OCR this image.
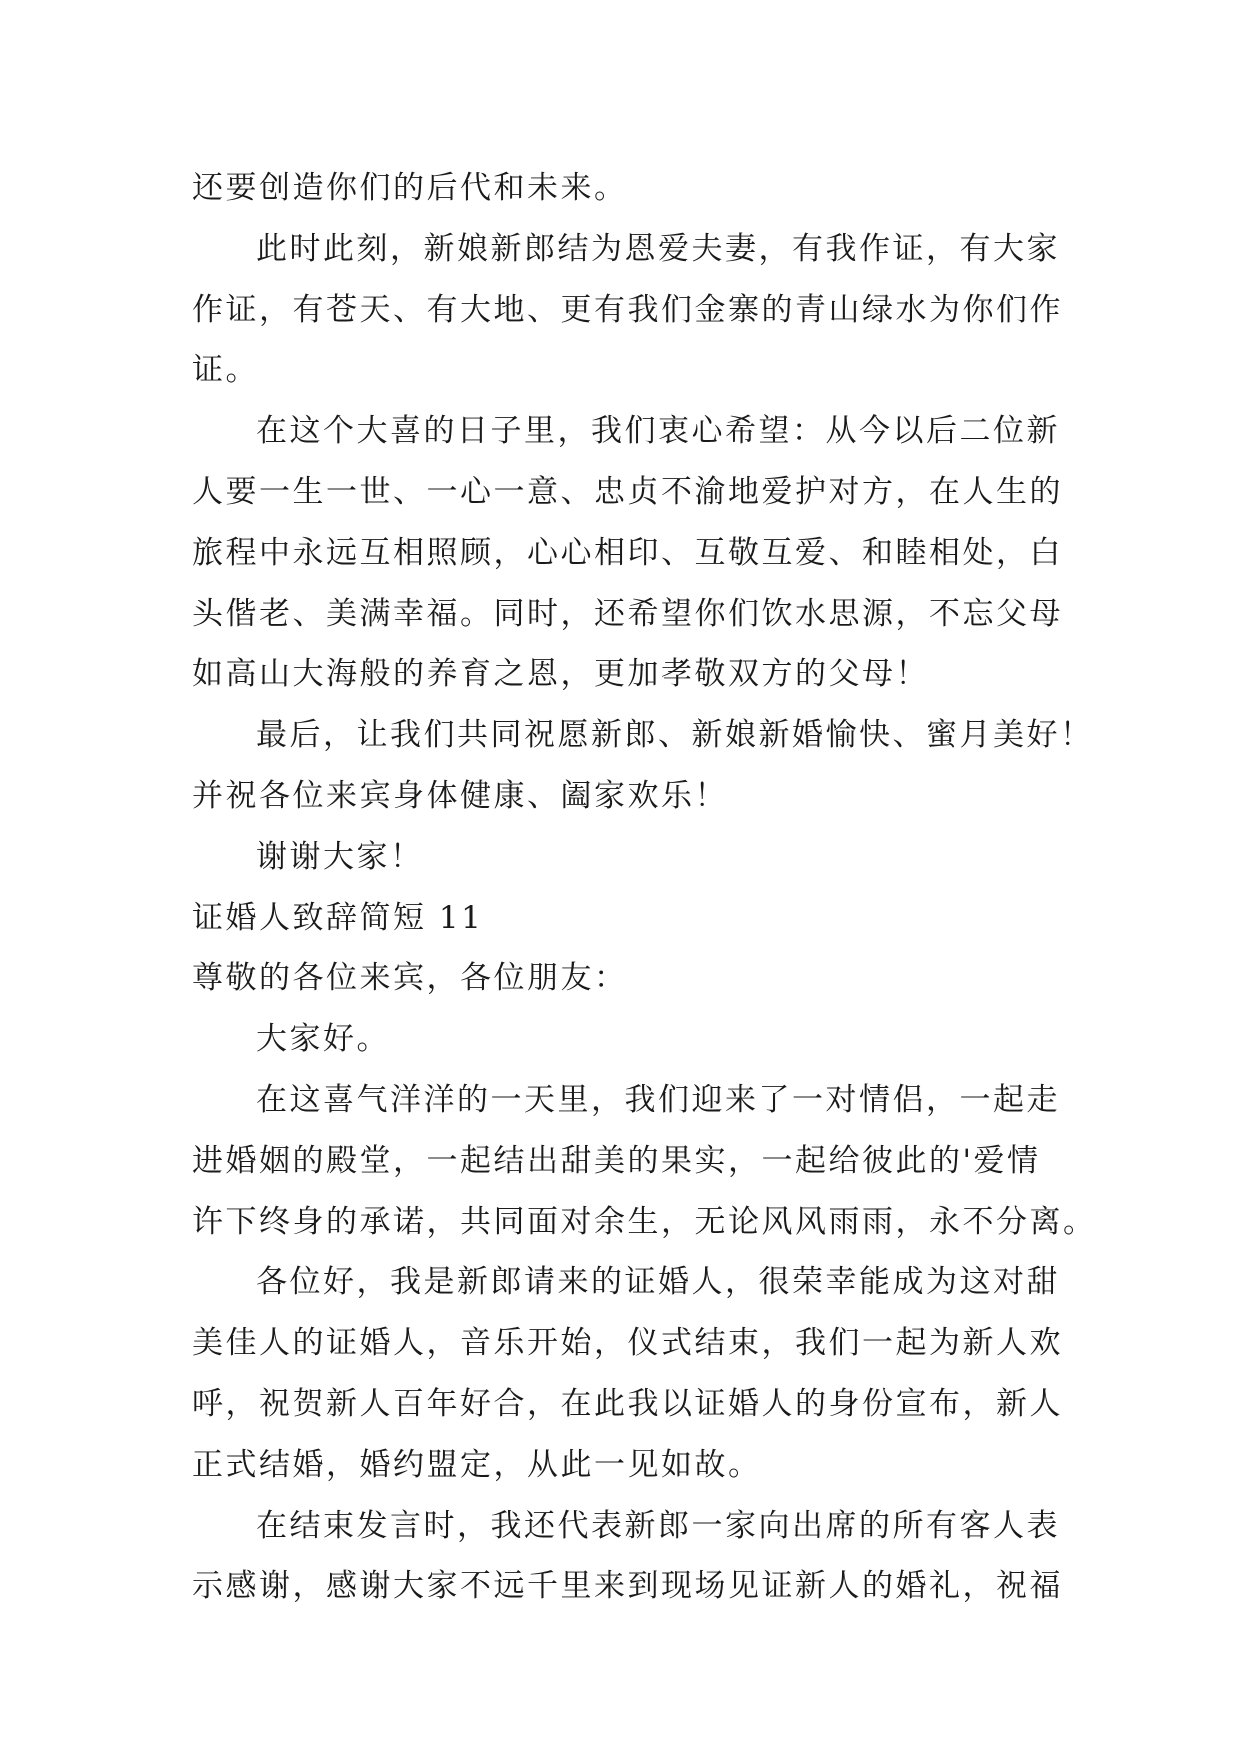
还要创造你们的后代和未来。
此时此刻，新娘新郎结为恩爱夫妻，有我作证，有大家
作证，有苍天、有大地、更有我们金寨的青山绿水为你们作
证。
在这个大喜的日子里，我们衷心希望：从今以后二位新
人要一生一世、一心一意、忠贞不渝地爱护对方，在人生的
旅程中永远互相照顾，心心相印、互敬互爱、和睦相处，白
头偕老、美满幸福。同时，还希望你们饮水思源，不忘父母
如高山大海般的养育之恩，更加孝敬双方的父母！
最后，让我们共同祝愿新郎、新娘新婚愉快、蜜月美好！
并祝各位来宾身体健康、阖家欢乐！
谢谢大家！
证婚人致辞简短 11
尊敬的各位来宾，各位朋友：
大家好。
在这喜气洋洋的一天里，我们迎来了一对情侣，一起走
进婚姻的殿堂，一起结出甜美的果实，一起给彼此的'爱情
许下终身的承诺，共同面对余生，无论风风雨雨，永不分离。
各位好，我是新郎请来的证婚人，很荣幸能成为这对甜
美佳人的证婚人，音乐开始，仪式结束，我们一起为新人欢
呼，祝贺新人百年好合，在此我以证婚人的身份宣布，新人
正式结婚，婚约盟定，从此一见如故。
在结束发言时，我还代表新郎一家向出席的所有客人表
示感谢，感谢大家不远千里来到现场见证新人的婚礼，祝福
